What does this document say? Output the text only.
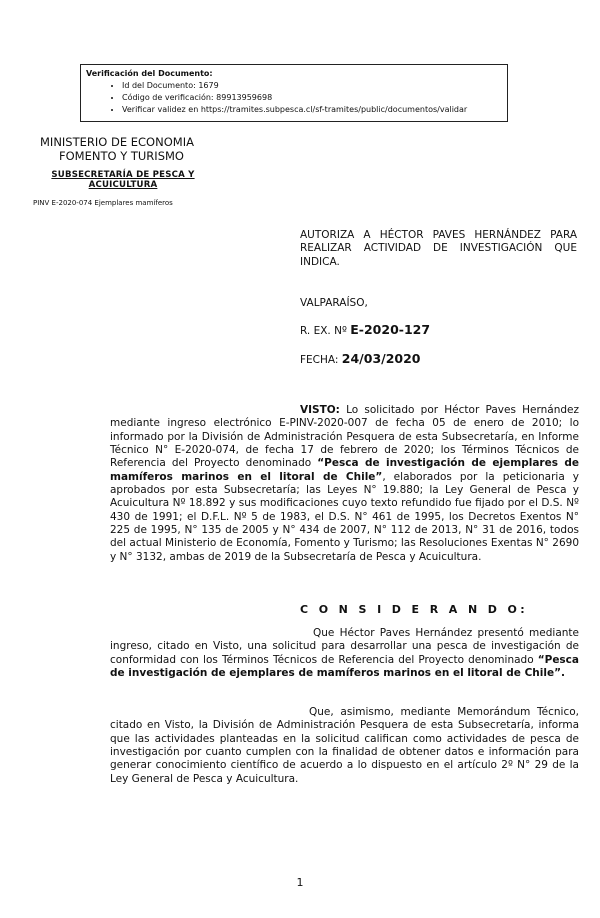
Verificación del Documento:
• Id del Documento: 1679
• Código de verificación: 89913959698
• Verificar validez en https://tramites.subpesca.cl/sf-tramites/public/documentos/validar
MINISTERIO DE ECONOMIA
FOMENTO Y TURISMO
SUBSECRETARÍA DE PESCA Y
ACUICULTURA
PINV E-2020-074 Ejemplares mamíferos
AUTORIZA A HÉCTOR PAVES HERNÁNDEZ PARA REALIZAR ACTIVIDAD DE INVESTIGACIÓN QUE INDICA.
VALPARAÍSO,
R. EX. Nº E-2020-127
FECHA: 24/03/2020
VISTO: Lo solicitado por Héctor Paves Hernández mediante ingreso electrónico E-PINV-2020-007 de fecha 05 de enero de 2010; lo informado por la División de Administración Pesquera de esta Subsecretaría, en Informe Técnico N° E-2020-074, de fecha 17 de febrero de 2020; los Términos Técnicos de Referencia del Proyecto denominado “Pesca de investigación de ejemplares de mamíferos marinos en el litoral de Chile”, elaborados por la peticionaria y aprobados por esta Subsecretaría; las Leyes N° 19.880; la Ley General de Pesca y Acuicultura Nº 18.892 y sus modificaciones cuyo texto refundido fue fijado por el D.S. Nº 430 de 1991; el D.F.L. Nº 5 de 1983, el D.S. N° 461 de 1995, los Decretos Exentos N° 225 de 1995, N° 135 de 2005 y N° 434 de 2007, N° 112 de 2013, N° 31 de 2016, todos del actual Ministerio de Economía, Fomento y Turismo; las Resoluciones Exentas N° 2690 y N° 3132, ambas de 2019 de la Subsecretaría de Pesca y Acuicultura.
C O N S I D E R A N D O:
Que Héctor Paves Hernández presentó mediante ingreso, citado en Visto, una solicitud para desarrollar una pesca de investigación de conformidad con los Términos Técnicos de Referencia del Proyecto denominado “Pesca de investigación de ejemplares de mamíferos marinos en el litoral de Chile”.
Que, asimismo, mediante Memorándum Técnico, citado en Visto, la División de Administración Pesquera de esta Subsecretaría, informa que las actividades planteadas en la solicitud califican como actividades de pesca de investigación por cuanto cumplen con la finalidad de obtener datos e información para generar conocimiento científico de acuerdo a lo dispuesto en el artículo 2º N° 29 de la Ley General de Pesca y Acuicultura.
1
